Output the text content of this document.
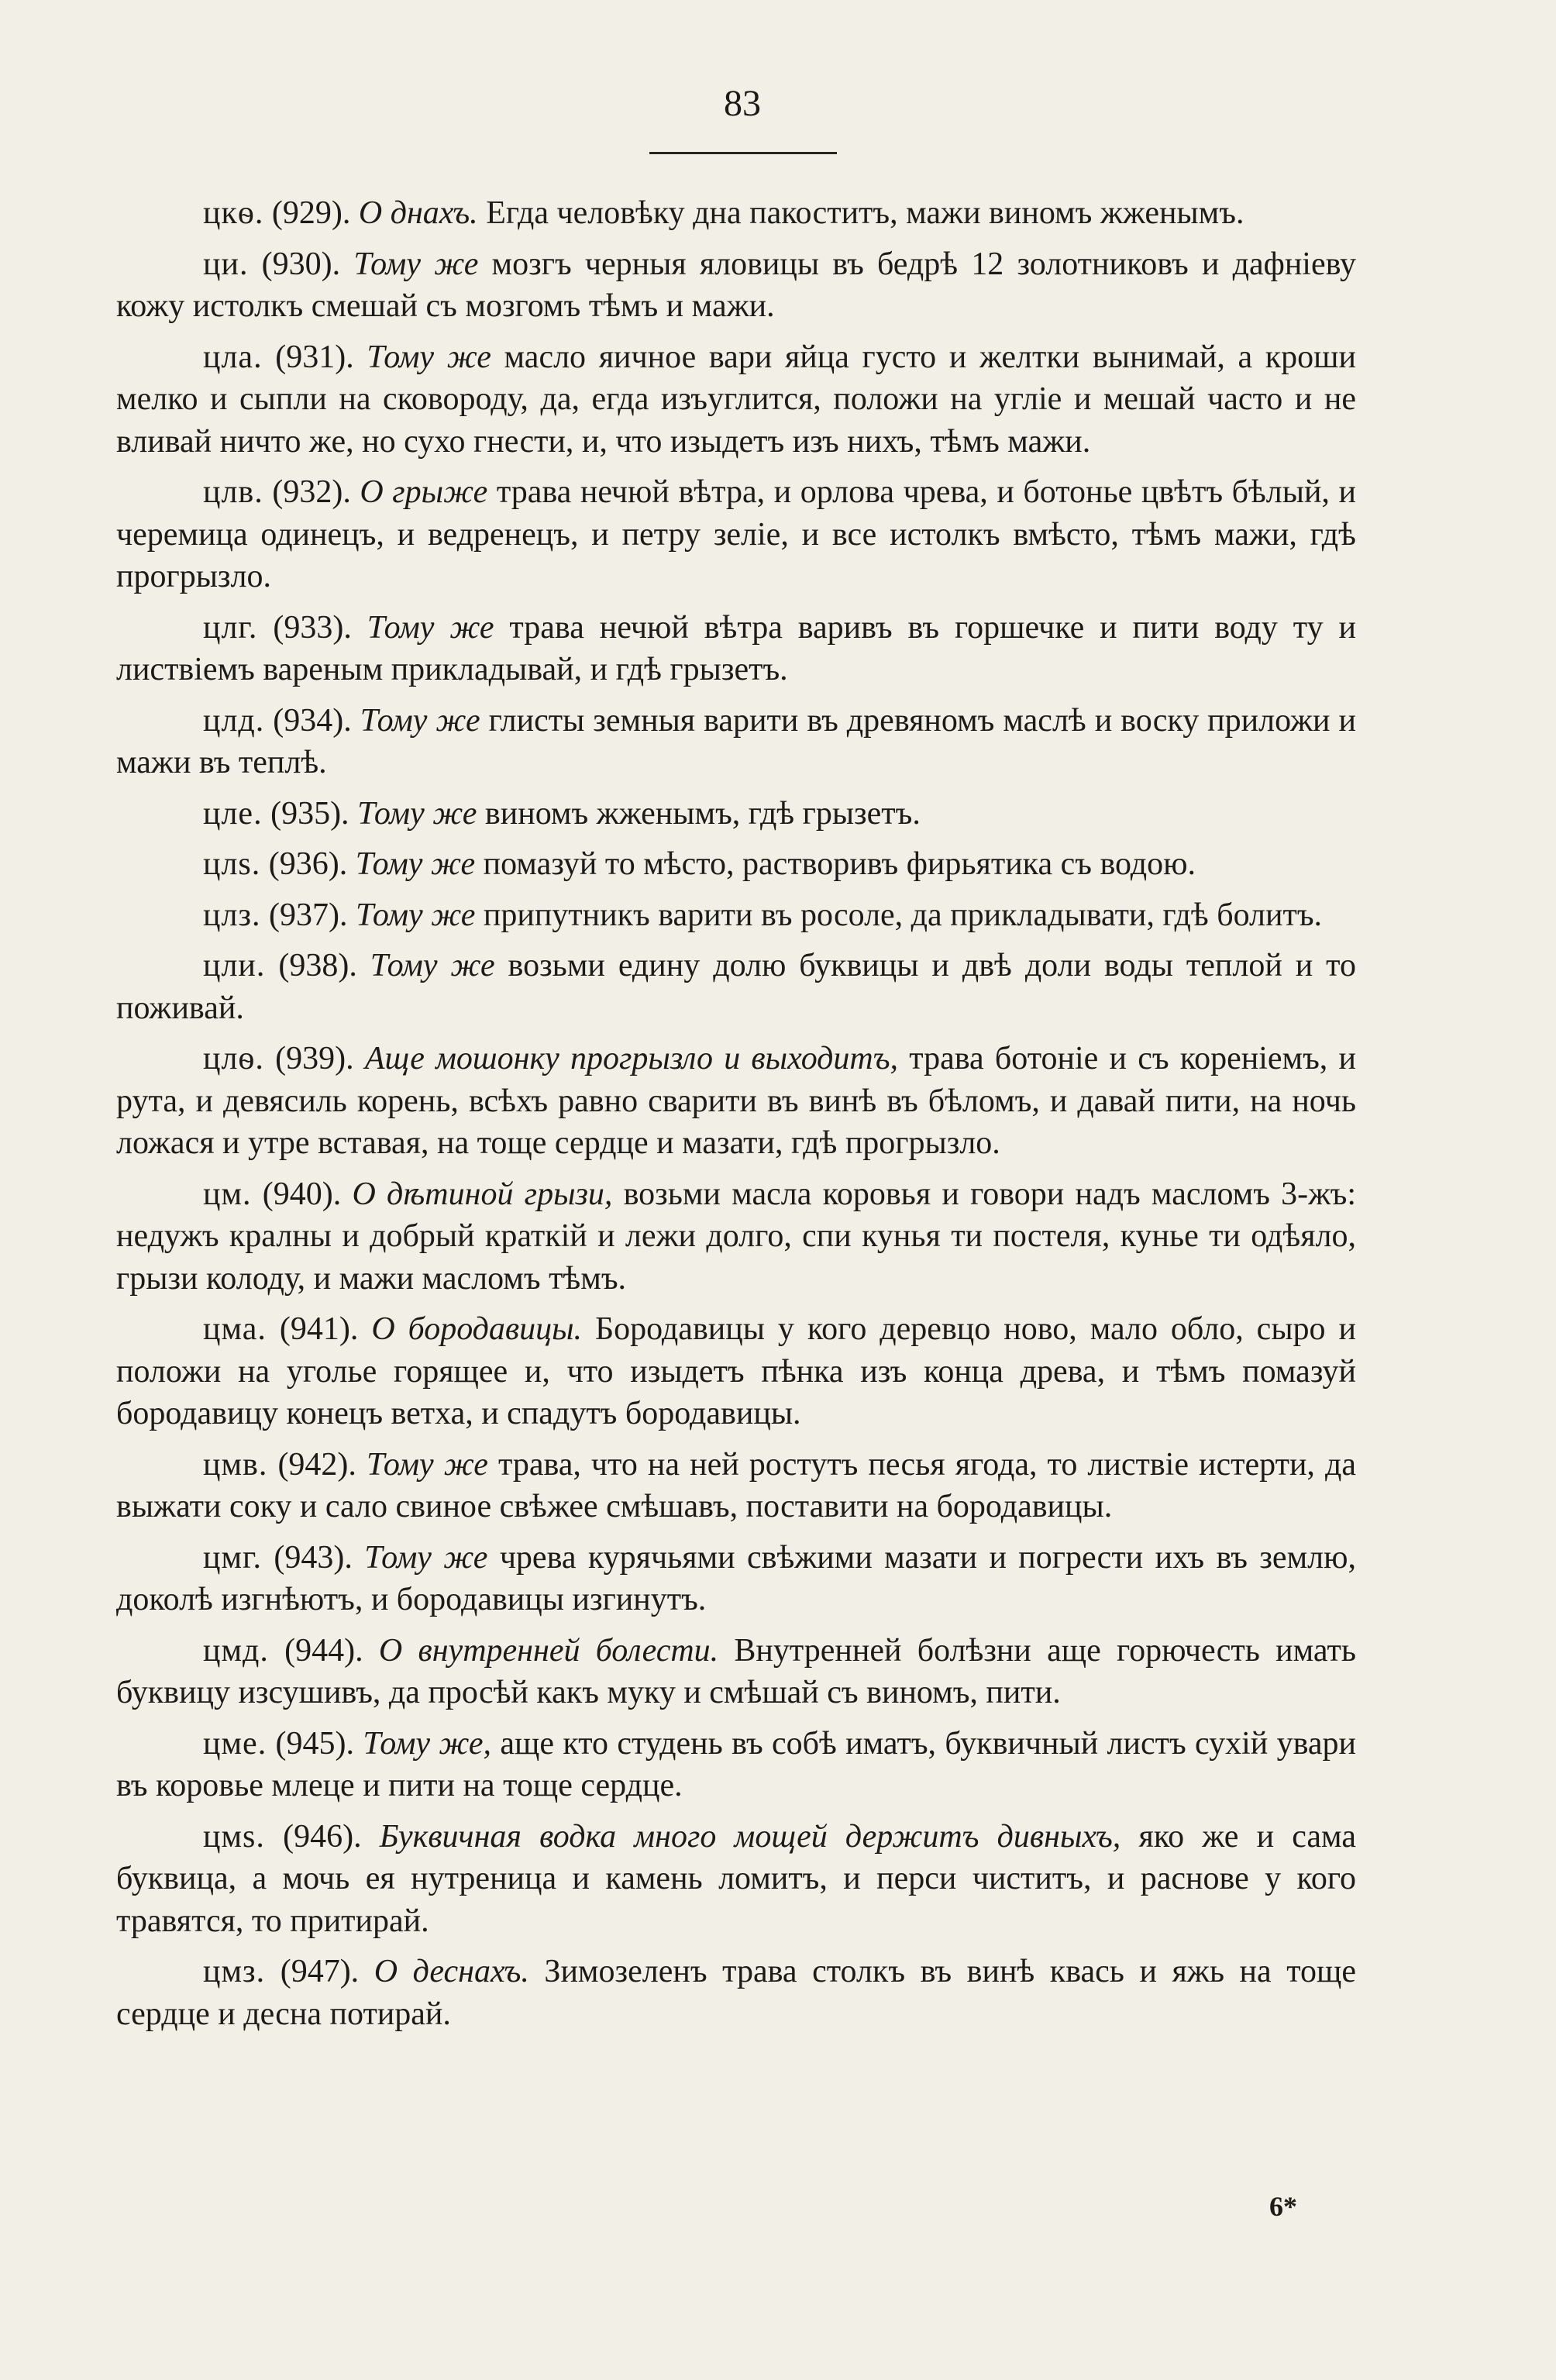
83

цкѳ. (929). О днахъ. Егда человѣку дна пакоститъ, мажи виномъ жженымъ.

ци. (930). Тому же мозгъ черныя яловицы въ бедрѣ 12 золотниковъ и дафніеву кожу истолкъ смешай съ мозгомъ тѣмъ и мажи.

цла. (931). Тому же масло яичное вари яйца густо и желтки вынимай, а кроши мелко и сыпли на сковороду, да, егда изъуглится, положи на угліе и мешай часто и не вливай ничто же, но сухо гнести, и, что изыдетъ изъ нихъ, тѣмъ мажи.

цлв. (932). О грыже трава нечюй вѣтра, и орлова чрева, и ботонье цвѣтъ бѣлый, и черемица одинецъ, и ведренецъ, и петру зеліе, и все истолкъ вмѣсто, тѣмъ мажи, гдѣ прогрызло.

цлг. (933). Тому же трава нечюй вѣтра варивъ въ горшечке и пити воду ту и листвіемъ вареным прикладывай, и гдѣ грызетъ.

цлд. (934). Тому же глисты земныя варити въ древяномъ маслѣ и воску приложи и мажи въ теплѣ.

цле. (935). Тому же виномъ жженымъ, гдѣ грызетъ.

цлѕ. (936). Тому же помазуй то мѣсто, растворивъ фирьятика съ водою.

цлз. (937). Тому же припутникъ варити въ росоле, да прикладывати, гдѣ болитъ.

цли. (938). Тому же возьми едину долю буквицы и двѣ доли воды теплой и то поживай.

цлѳ. (939). Аще мошонку прогрызло и выходитъ, трава ботоніе и съ кореніемъ, и рута, и девясиль корень, всѣхъ равно сварити въ винѣ въ бѣломъ, и давай пити, на ночь ложася и утре вставая, на тоще сердце и мазати, гдѣ прогрызло.

цм. (940). О дѣтиной грызи, возьми масла коровья и говори надъ масломъ 3-жъ: недужъ кралны и добрый краткій и лежи долго, спи кунья ти постеля, кунье ти одѣяло, грызи колоду, и мажи масломъ тѣмъ.

цма. (941). О бородавицы. Бородавицы у кого деревцо ново, мало обло, сыро и положи на уголье горящее и, что изыдетъ пѣнка изъ конца древа, и тѣмъ помазуй бородавицу конецъ ветха, и спадутъ бородавицы.

цмв. (942). Тому же трава, что на ней ростутъ песья ягода, то листвіе истерти, да выжати соку и сало свиное свѣжее смѣшавъ, поставити на бородавицы.

цмг. (943). Тому же чрева курячьями свѣжими мазати и погрести ихъ въ землю, доколѣ изгнѣютъ, и бородавицы изгинутъ.

цмд. (944). О внутренней болести. Внутренней болѣзни аще горючесть имать буквицу изсушивъ, да просѣй какъ муку и смѣшай съ виномъ, пити.

цме. (945). Тому же, аще кто студень въ собѣ иматъ, буквичный листъ сухій увари въ коровье млеце и пити на тоще сердце.

цмѕ. (946). Буквичная водка много мощей держитъ дивныхъ, яко же и сама буквица, а мочь ея нутреница и камень ломитъ, и перси чиститъ, и раснове у кого травятся, то притирай.

цмз. (947). О деснахъ. Зимозеленъ трава столкъ въ винѣ квась и яжь на тоще сердце и десна потирай.

6*
